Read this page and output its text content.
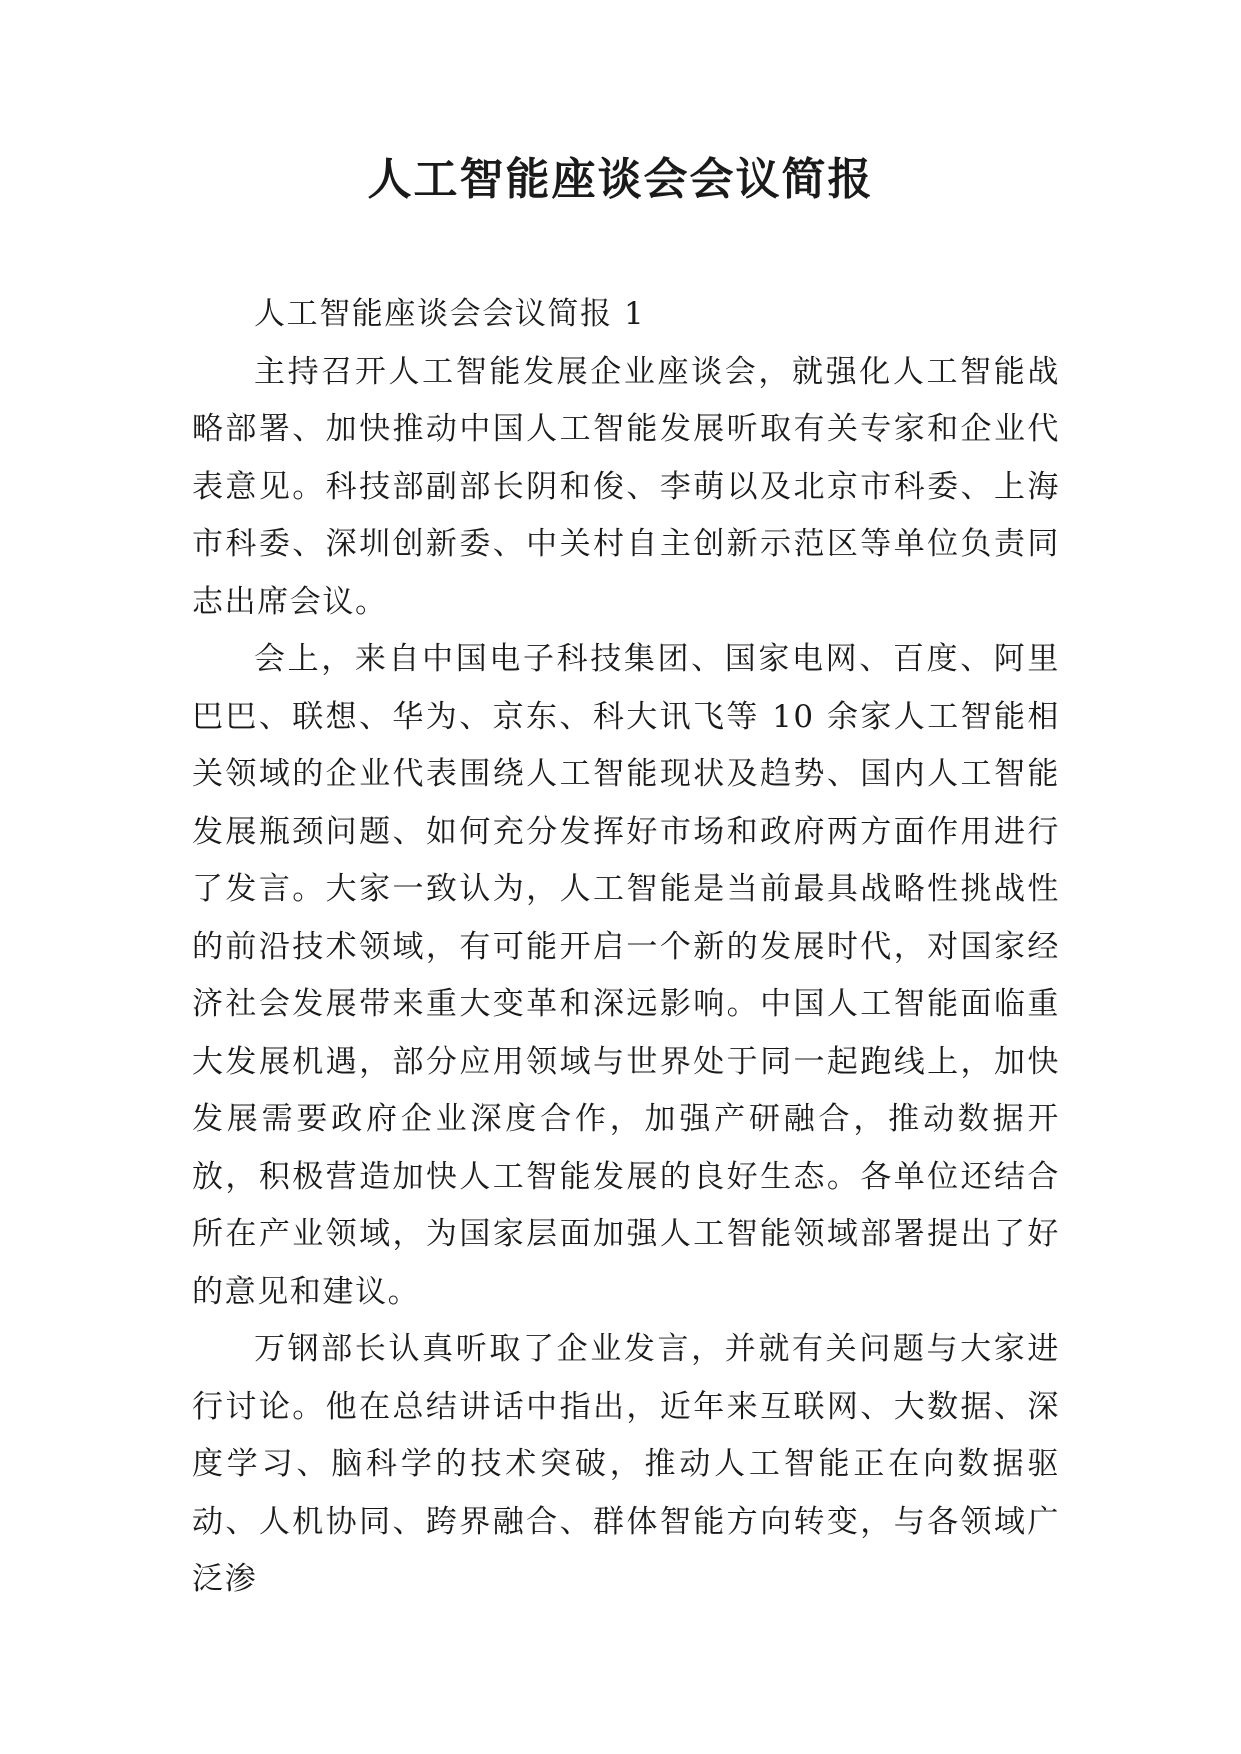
人工智能座谈会会议简报

人工智能座谈会会议简报 1

主持召开人工智能发展企业座谈会，就强化人工智能战略部署、加快推动中国人工智能发展听取有关专家和企业代表意见。科技部副部长阴和俊、李萌以及北京市科委、上海市科委、深圳创新委、中关村自主创新示范区等单位负责同志出席会议。

会上，来自中国电子科技集团、国家电网、百度、阿里巴巴、联想、华为、京东、科大讯飞等 10 余家人工智能相关领域的企业代表围绕人工智能现状及趋势、国内人工智能发展瓶颈问题、如何充分发挥好市场和政府两方面作用进行了发言。大家一致认为，人工智能是当前最具战略性挑战性的前沿技术领域，有可能开启一个新的发展时代，对国家经济社会发展带来重大变革和深远影响。中国人工智能面临重大发展机遇，部分应用领域与世界处于同一起跑线上，加快发展需要政府企业深度合作，加强产研融合，推动数据开放，积极营造加快人工智能发展的良好生态。各单位还结合所在产业领域，为国家层面加强人工智能领域部署提出了好的意见和建议。

万钢部长认真听取了企业发言，并就有关问题与大家进行讨论。他在总结讲话中指出，近年来互联网、大数据、深度学习、脑科学的技术突破，推动人工智能正在向数据驱动、人机协同、跨界融合、群体智能方向转变，与各领域广泛渗
